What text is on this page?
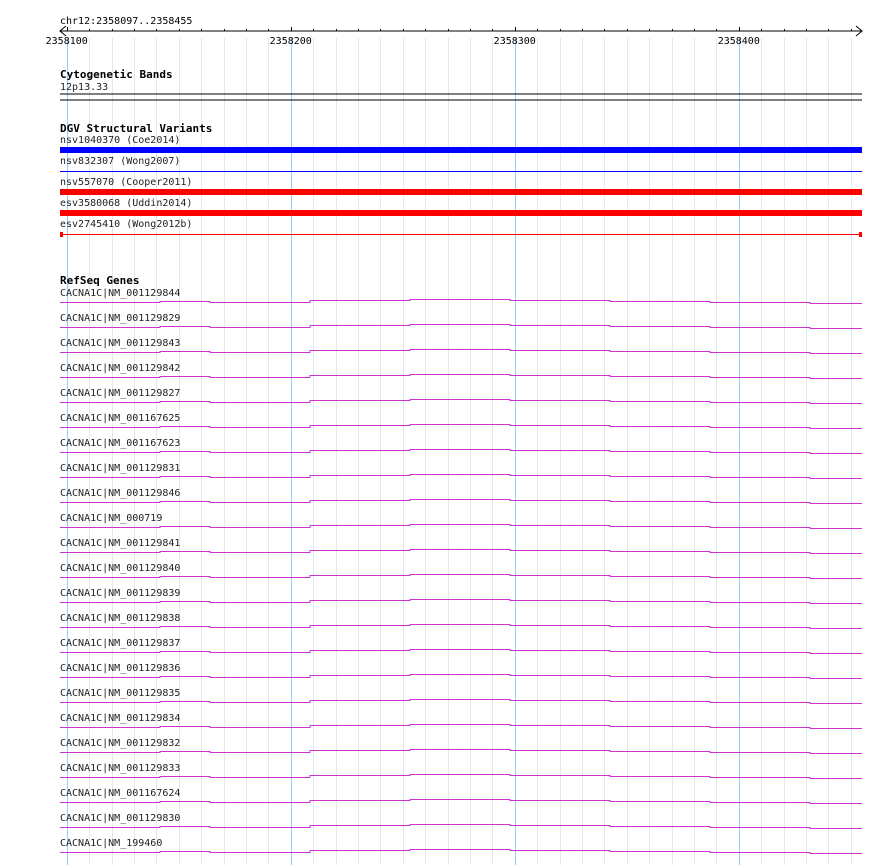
chr12:2358097..2358455
2358100	2358200	2358300	2358400
Cytogenetic Bands
12p13.33
DGV Structural Variants
nsv1040370 (Coe2014)
nsv832307 (Wong2007)
nsv557070 (Cooper2011)
esv3580068 (Uddin2014)
esv2745410 (Wong2012b)
RefSeq Genes
CACNA1C|NM_001129844
CACNA1C|NM_001129829
CACNA1C|NM_001129843
CACNA1C|NM_001129842
CACNA1C|NM_001129827
CACNA1C|NM_001167625
CACNA1C|NM_001167623
CACNA1C|NM_001129831
CACNA1C|NM_001129846
CACNA1C|NM_000719
CACNA1C|NM_001129841
CACNA1C|NM_001129840
CACNA1C|NM_001129839
CACNA1C|NM_001129838
CACNA1C|NM_001129837
CACNA1C|NM_001129836
CACNA1C|NM_001129835
CACNA1C|NM_001129834
CACNA1C|NM_001129832
CACNA1C|NM_001129833
CACNA1C|NM_001167624
CACNA1C|NM_001129830
CACNA1C|NM_199460
